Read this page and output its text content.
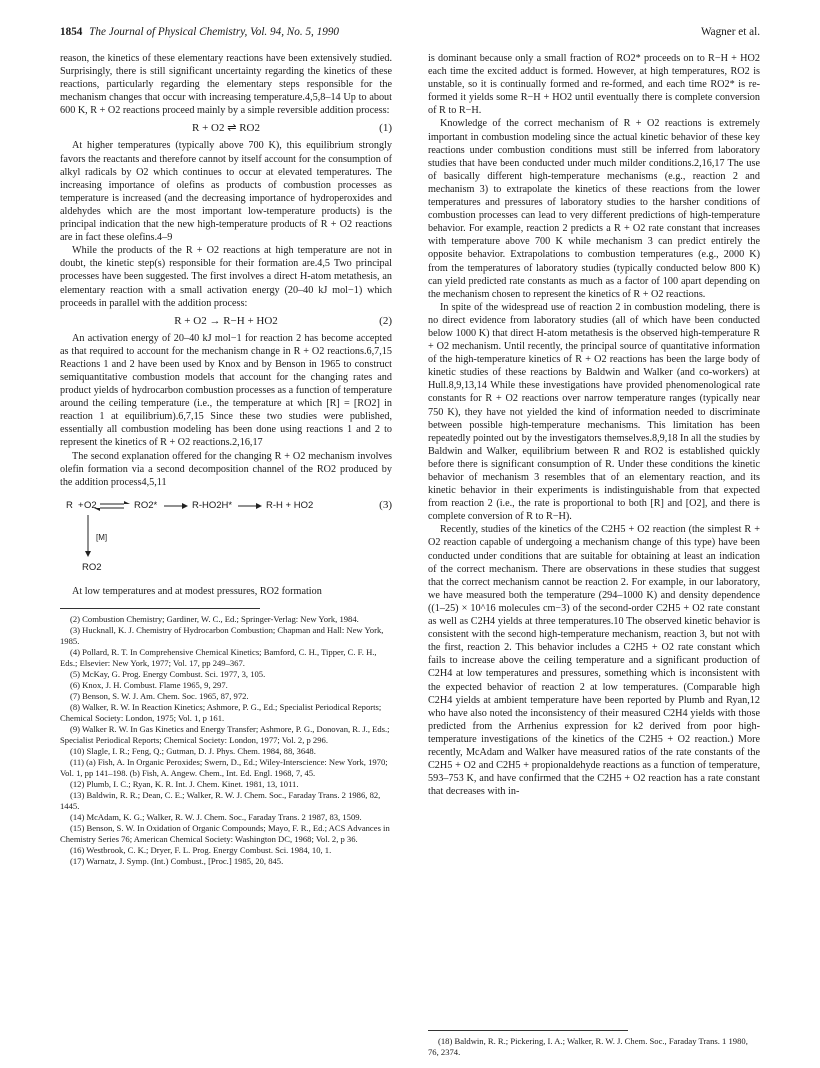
1854 The Journal of Physical Chemistry, Vol. 94, No. 5, 1990	Wagner et al.

reason, the kinetics of these elementary reactions have been extensively studied. Surprisingly, there is still significant uncertainty regarding the kinetics of these reactions, particularly regarding the elementary steps responsible for the mechanism changes that occur with increasing temperature.4,5,8–14 Up to about 600 K, R + O2 reactions proceed mainly by a simple reversible addition process:

R + O2 ⇌ RO2	(1)

At higher temperatures (typically above 700 K), this equilibrium strongly favors the reactants and therefore cannot by itself account for the consumption of alkyl radicals by O2 which continues to occur at elevated temperatures. The increasing importance of olefins as products of combustion processes as temperature is increased (and the decreasing importance of hydroperoxides and aldehydes which are the most important low-temperature products) is the principal indication that the new high-temperature products of R + O2 reactions are in fact these olefins.4–9

While the products of the R + O2 reactions at high temperature are not in doubt, the kinetic step(s) responsible for their formation are.4,5 Two principal processes have been suggested. The first involves a direct H-atom metathesis, an elementary reaction with a small activation energy (20–40 kJ mol−1) which proceeds in parallel with the addition process:

R + O2 → R−H + HO2	(2)

An activation energy of 20–40 kJ mol−1 for reaction 2 has become accepted as that required to account for the mechanism change in R + O2 reactions.6,7,15 Reactions 1 and 2 have been used by Knox and by Benson in 1965 to construct semiquantitative combustion models that account for the changing rates and product yields of hydrocarbon combustion processes as a function of temperature around the ceiling temperature (i.e., the temperature at which [R] = [RO2] in reaction 1 at equilibrium).6,7,15 Since these two studies were published, essentially all combustion modeling has been done using reactions 1 and 2 to represent the kinetics of R + O2 reactions.2,16,17

The second explanation offered for the changing R + O2 mechanism involves olefin formation via a second decomposition channel of the RO2 produced by the addition process4,5,11

R + O2	RO2*	R-HO2H*	R-H + HO2	(3)
[M]
RO2

At low temperatures and at modest pressures, RO2 formation

(2) Combustion Chemistry; Gardiner, W. C., Ed.; Springer-Verlag: New York, 1984.

(3) Hucknall, K. J. Chemistry of Hydrocarbon Combustion; Chapman and Hall: New York, 1985.

(4) Pollard, R. T. In Comprehensive Chemical Kinetics; Bamford, C. H., Tipper, C. F. H., Eds.; Elsevier: New York, 1977; Vol. 17, pp 249–367.

(5) McKay, G. Prog. Energy Combust. Sci. 1977, 3, 105.

(6) Knox, J. H. Combust. Flame 1965, 9, 297.

(7) Benson, S. W. J. Am. Chem. Soc. 1965, 87, 972.

(8) Walker, R. W. In Reaction Kinetics; Ashmore, P. G., Ed.; Specialist Periodical Reports; Chemical Society: London, 1975; Vol. 1, p 161.

(9) Walker R. W. In Gas Kinetics and Energy Transfer; Ashmore, P. G., Donovan, R. J., Eds.; Specialist Periodical Reports; Chemical Society: London, 1977; Vol. 2, p 296.

(10) Slagle, I. R.; Feng, Q.; Gutman, D. J. Phys. Chem. 1984, 88, 3648.

(11) (a) Fish, A. In Organic Peroxides; Swern, D., Ed.; Wiley-Interscience: New York, 1970; Vol. 1, pp 141–198. (b) Fish, A. Angew. Chem., Int. Ed. Engl. 1968, 7, 45.

(12) Plumb, I. C.; Ryan, K. R. Int. J. Chem. Kinet. 1981, 13, 1011.

(13) Baldwin, R. R.; Dean, C. E.; Walker, R. W. J. Chem. Soc., Faraday Trans. 2 1986, 82, 1445.

(14) McAdam, K. G.; Walker, R. W. J. Chem. Soc., Faraday Trans. 2 1987, 83, 1509.

(15) Benson, S. W. In Oxidation of Organic Compounds; Mayo, F. R., Ed.; ACS Advances in Chemistry Series 76; American Chemical Society: Washington DC, 1968; Vol. 2, p 36.

(16) Westbrook, C. K.; Dryer, F. L. Prog. Energy Combust. Sci. 1984, 10, 1.

(17) Warnatz, J. Symp. (Int.) Combust., [Proc.] 1985, 20, 845.

is dominant because only a small fraction of RO2* proceeds on to R−H + HO2 each time the excited adduct is formed. However, at high temperatures, RO2 is unstable, so it is continually formed and re-formed, and each time RO2* is re-formed it yields some R−H + HO2 until eventually there is complete conversion of R to R−H.

Knowledge of the correct mechanism of R + O2 reactions is extremely important in combustion modeling since the actual kinetic behavior of these key reactions under combustion conditions must still be inferred from laboratory studies that have been conducted under much milder conditions.2,16,17 The use of basically different high-temperature mechanisms (e.g., reaction 2 and mechanism 3) to extrapolate the kinetics of these reactions from the lower temperatures and pressures of laboratory studies to the harsher conditions of combustion processes can lead to very different predictions of high-temperature behavior. For example, reaction 2 predicts a R + O2 rate constant that increases with temperature above 700 K while mechanism 3 can predict entirely the opposite behavior. Extrapolations to combustion temperatures (e.g., 2000 K) from the temperatures of laboratory studies (typically conducted below 800 K) can yield predicted rate constants as much as a factor of 100 apart depending on the mechanism chosen to represent the kinetics of R + O2 reactions.

In spite of the widespread use of reaction 2 in combustion modeling, there is no direct evidence from laboratory studies (all of which have been conducted below 1000 K) that direct H-atom metathesis is the observed high-temperature R + O2 mechanism. Until recently, the principal source of quantitative information of the high-temperature kinetics of R + O2 reactions has been the large body of kinetic studies of these reactions by Baldwin and Walker (and co-workers) at Hull.8,9,13,14 While these investigations have provided phenomenological rate constants for R + O2 reactions over narrow temperature ranges (typically near 750 K), they have not yielded the kind of information needed to discriminate between possible high-temperature mechanisms. This limitation has been repeatedly pointed out by the investigators themselves.8,9,18 In all the studies by Baldwin and Walker, equilibrium between R and RO2 is established quickly before there is significant consumption of R. Under these conditions the kinetic behavior of mechanism 3 resembles that of an elementary reaction, and its kinetic behavior in their experiments is indistinguishable from that expected from reaction 2 (i.e., the rate is proportional to both [R] and [O2], and there is complete conversion of R to R−H).

Recently, studies of the kinetics of the C2H5 + O2 reaction (the simplest R + O2 reaction capable of undergoing a mechanism change of this type) have been conducted under conditions that are suitable for obtaining at least an indication of the correct mechanism. There are observations in these studies that suggest that the correct mechanism cannot be reaction 2. For example, in our laboratory, we have measured both the temperature (294–1000 K) and density dependence ((1–25) × 10^16 molecules cm−3) of the second-order C2H5 + O2 rate constant as well as C2H4 yields at three temperatures.10 The observed kinetic behavior is consistent with the second high-temperature mechanism, reaction 3, but not with the first, reaction 2. This behavior includes a C2H5 + O2 rate constant which fails to increase above the ceiling temperature and a significant production of C2H4 at low temperatures and pressures, something which is inconsistent with the expected behavior of reaction 2 at low temperatures. (Comparable high C2H4 yields at ambient temperature have been reported by Plumb and Ryan,12 who have also noted the inconsistency of their measured C2H4 yields with those predicted from the Arrhenius expression for k2 derived from poor high-temperature investigations of the kinetics of the C2H5 + O2 reaction.) More recently, McAdam and Walker have measured ratios of the rate constants of the C2H5 + O2 and C2H5 + propionaldehyde reactions as a function of temperature, 593–753 K, and have confirmed that the C2H5 + O2 reaction has a rate constant that decreases with in-

(18) Baldwin, R. R.; Pickering, I. A.; Walker, R. W. J. Chem. Soc., Faraday Trans. 1 1980, 76, 2374.
